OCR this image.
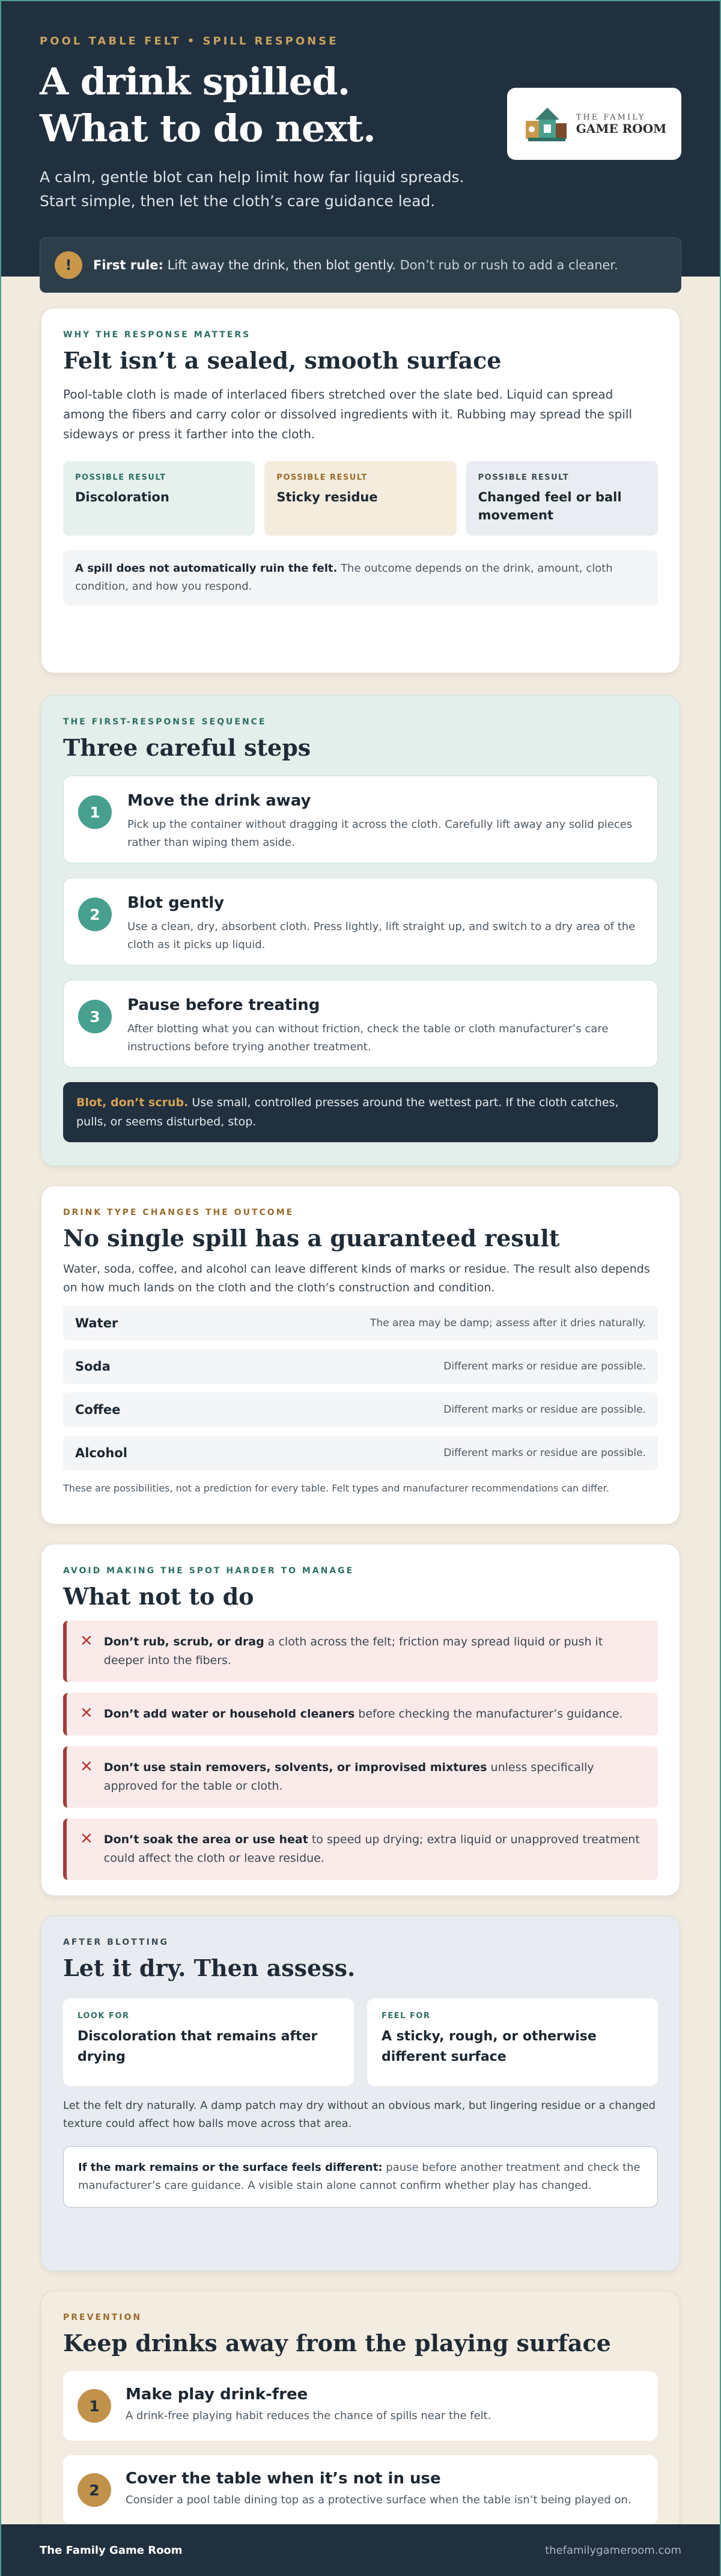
POOL TABLE FELT • SPILL RESPONSE
A drink spilled.
What to do next.

A calm, gentle blot can help limit how far liquid spreads. Start simple, then let the cloth’s care guidance lead.

THE FAMILY
GAME ROOM
!	First rule: Lift away the drink, then blot gently. Don’t rub or rush to add a cleaner.
WHY THE RESPONSE MATTERS
Felt isn’t a sealed, smooth surface

Pool-table cloth is made of interlaced fibers stretched over the slate bed. Liquid can spread among the fibers and carry color or dissolved ingredients with it. Rubbing may spread the spill sideways or press it farther into the cloth.

POSSIBLE RESULT
Discoloration
POSSIBLE RESULT
Sticky residue
POSSIBLE RESULT
Changed feel or ball movement
A spill does not automatically ruin the felt. The outcome depends on the drink, amount, cloth condition, and how you respond.
THE FIRST-RESPONSE SEQUENCE
Three careful steps
1
Move the drink away

Pick up the container without dragging it across the cloth. Carefully lift away any solid pieces rather than wiping them aside.

2
Blot gently

Use a clean, dry, absorbent cloth. Press lightly, lift straight up, and switch to a dry area of the cloth as it picks up liquid.

3
Pause before treating

After blotting what you can without friction, check the table or cloth manufacturer’s care instructions before trying another treatment.

Blot, don’t scrub. Use small, controlled presses around the wettest part. If the cloth catches, pulls, or seems disturbed, stop.
DRINK TYPE CHANGES THE OUTCOME
No single spill has a guaranteed result

Water, soda, coffee, and alcohol can leave different kinds of marks or residue. The result also depends on how much lands on the cloth and the cloth’s construction and condition.

Water	The area may be damp; assess after it dries naturally.
Soda	Different marks or residue are possible.
Coffee	Different marks or residue are possible.
Alcohol	Different marks or residue are possible.

These are possibilities, not a prediction for every table. Felt types and manufacturer recommendations can differ.

AVOID MAKING THE SPOT HARDER TO MANAGE
What not to do
✕ Don’t rub, scrub, or drag a cloth across the felt; friction may spread liquid or push it deeper into the fibers.

✕ Don’t add water or household cleaners before checking the manufacturer’s guidance.

✕ Don’t use stain removers, solvents, or improvised mixtures unless specifically approved for the table or cloth.

✕ Don’t soak the area or use heat to speed up drying; extra liquid or unapproved treatment could affect the cloth or leave residue.

AFTER BLOTTING
Let it dry. Then assess.
LOOK FOR
Discoloration that remains after drying
FEEL FOR
A sticky, rough, or otherwise different surface

Let the felt dry naturally. A damp patch may dry without an obvious mark, but lingering residue or a changed texture could affect how balls move across that area.

If the mark remains or the surface feels different: pause before another treatment and check the manufacturer’s care guidance. A visible stain alone cannot confirm whether play has changed.
PREVENTION
Keep drinks away from the playing surface
1
Make play drink-free

A drink-free playing habit reduces the chance of spills near the felt.

2
Cover the table when it’s not in use

Consider a pool table dining top as a protective surface when the table isn’t being played on.

The Family Game Room	thefamilygameroom.com
